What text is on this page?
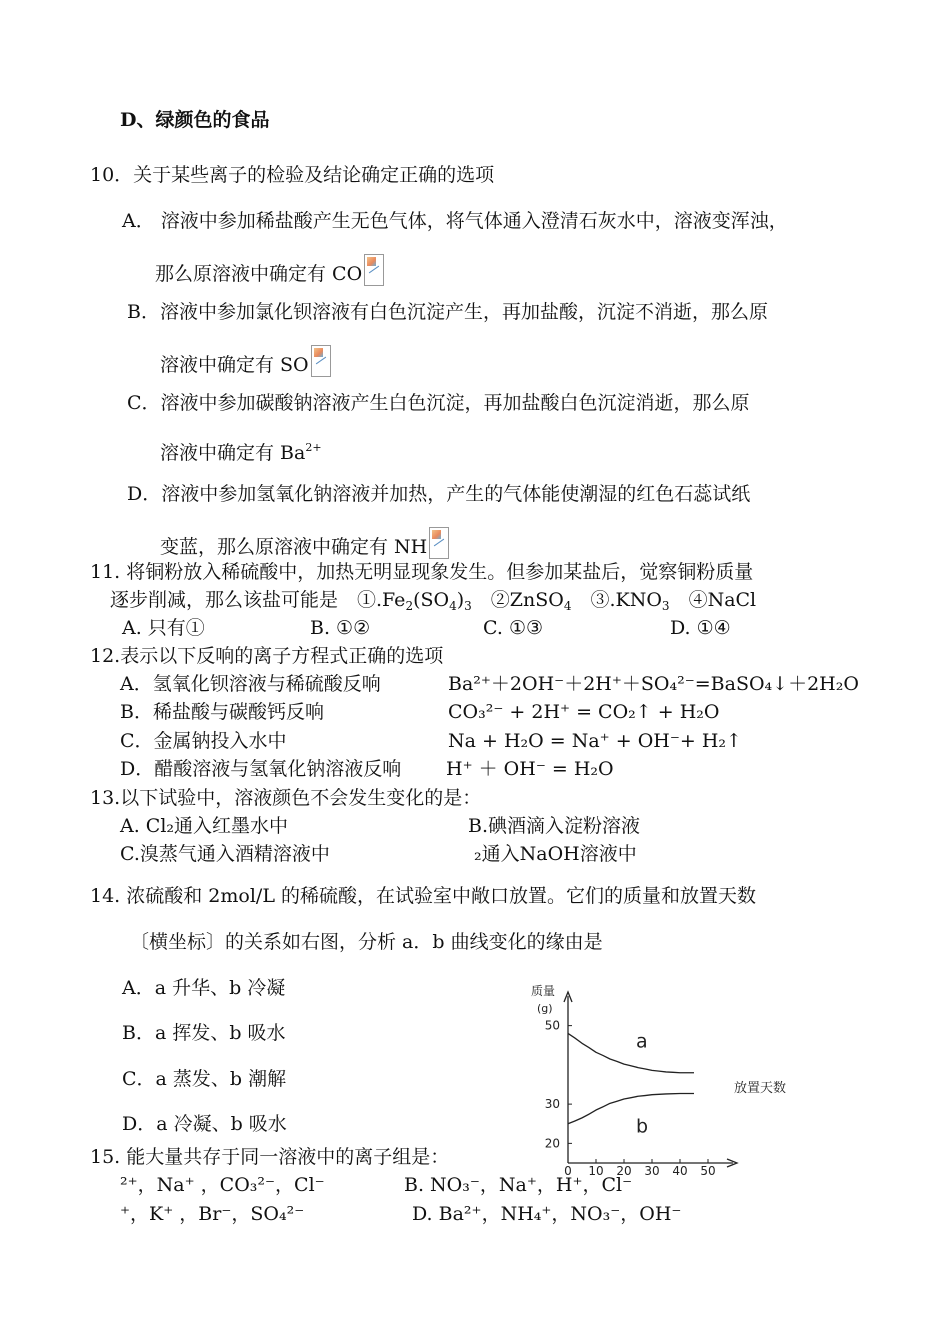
D、绿颜色的食品
10．关于某些离子的检验及结论确定正确的选项
A． 溶液中参加稀盐酸产生无色气体，将气体通入澄清石灰水中，溶液变浑浊，
那么原溶液中确定有 CO
B．溶液中参加氯化钡溶液有白色沉淀产生，再加盐酸，沉淀不消逝，那么原
溶液中确定有 SO
C．溶液中参加碳酸钠溶液产生白色沉淀，再加盐酸白色沉淀消逝，那么原
溶液中确定有 $Ba^{2+}$
D．溶液中参加氢氧化钠溶液并加热，产生的气体能使潮湿的红色石蕊试纸
变蓝，那么原溶液中确定有 NH
11. 将铜粉放入稀硫酸中，加热无明显现象发生。但参加某盐后，觉察铜粉质量
逐步削减，那么该盐可能是　$①.Fe_2(SO_4)_3$　②ZnSO$_4$　$③.KNO_3$　④NaCl
A. 只有①	B. ①②	C. ①③	D. ①④
12.表示以下反响的离子方程式正确的选项
A．氢氧化钡溶液与稀硫酸反响	Ba²⁺＋2OH⁻＋2H⁺＋SO₄²⁻=BaSO₄↓＋2H₂O
B．稀盐酸与碳酸钙反响	CO₃²⁻ + 2H⁺ = CO₂↑ + H₂O
C．金属钠投入水中	Na + H₂O = Na⁺ + OH⁻+ H₂↑
D．醋酸溶液与氢氧化钠溶液反响 H⁺ ＋ OH⁻ = H₂O
13.以下试验中，溶液颜色不会发生变化的是：
A. Cl₂通入红墨水中	B.碘酒滴入淀粉溶液
C.溴蒸气通入酒精溶液中	₂通入NaOH溶液中
14. 浓硫酸和 2mol/L 的稀硫酸，在试验室中敞口放置。它们的质量和放置天数
〔横坐标〕的关系如右图，分析 a．b 曲线变化的缘由是
A．a 升华、b 冷凝
B．a 挥发、b 吸水
C．a 蒸发、b 潮解
D．a 冷凝、b 吸水
15. 能大量共存于同一溶液中的离子组是：
²⁺，Na⁺ ，CO₃²⁻，Cl⁻	B. NO₃⁻，Na⁺，H⁺，Cl⁻
⁺，K⁺ ，Br⁻，SO₄²⁻	D. Ba²⁺，NH₄⁺，NO₃⁻，OH⁻
质量
(g)
20
30
50
0 10 20 30 40 50
a
b
放置天数
